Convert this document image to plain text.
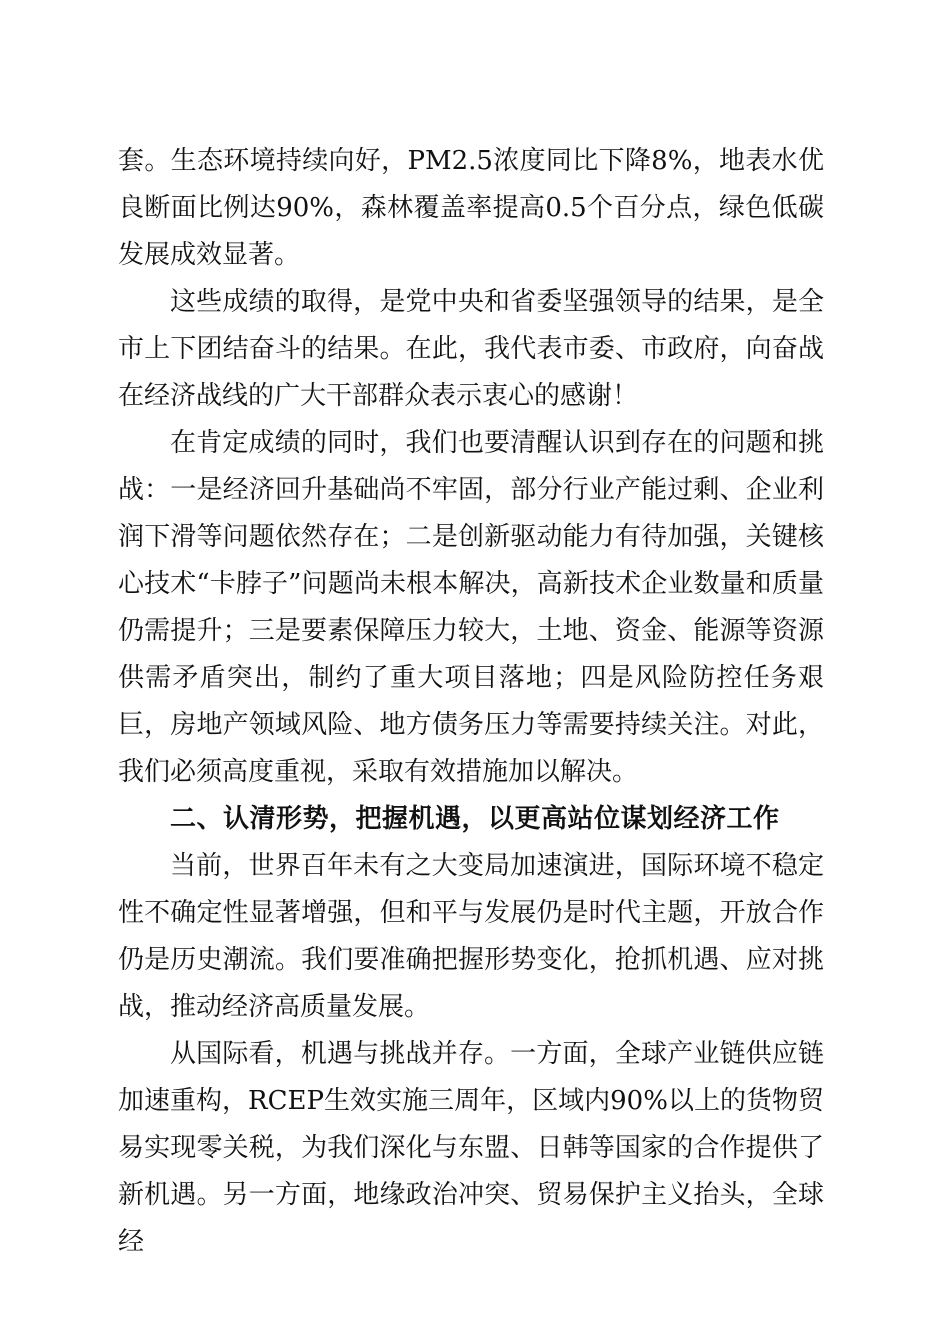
套。生态环境持续向好，PM2.5浓度同比下降8%，地表水优良断面比例达90%，森林覆盖率提高0.5个百分点，绿色低碳发展成效显著。

这些成绩的取得，是党中央和省委坚强领导的结果，是全市上下团结奋斗的结果。在此，我代表市委、市政府，向奋战在经济战线的广大干部群众表示衷心的感谢！

在肯定成绩的同时，我们也要清醒认识到存在的问题和挑战：一是经济回升基础尚不牢固，部分行业产能过剩、企业利润下滑等问题依然存在；二是创新驱动能力有待加强，关键核心技术“卡脖子”问题尚未根本解决，高新技术企业数量和质量仍需提升；三是要素保障压力较大，土地、资金、能源等资源供需矛盾突出，制约了重大项目落地；四是风险防控任务艰巨，房地产领域风险、地方债务压力等需要持续关注。对此，我们必须高度重视，采取有效措施加以解决。

二、认清形势，把握机遇，以更高站位谋划经济工作

当前，世界百年未有之大变局加速演进，国际环境不稳定性不确定性显著增强，但和平与发展仍是时代主题，开放合作仍是历史潮流。我们要准确把握形势变化，抢抓机遇、应对挑战，推动经济高质量发展。

从国际看，机遇与挑战并存。一方面，全球产业链供应链加速重构，RCEP生效实施三周年，区域内90%以上的货物贸易实现零关税，为我们深化与东盟、日韩等国家的合作提供了新机遇。另一方面，地缘政治冲突、贸易保护主义抬头，全球经
